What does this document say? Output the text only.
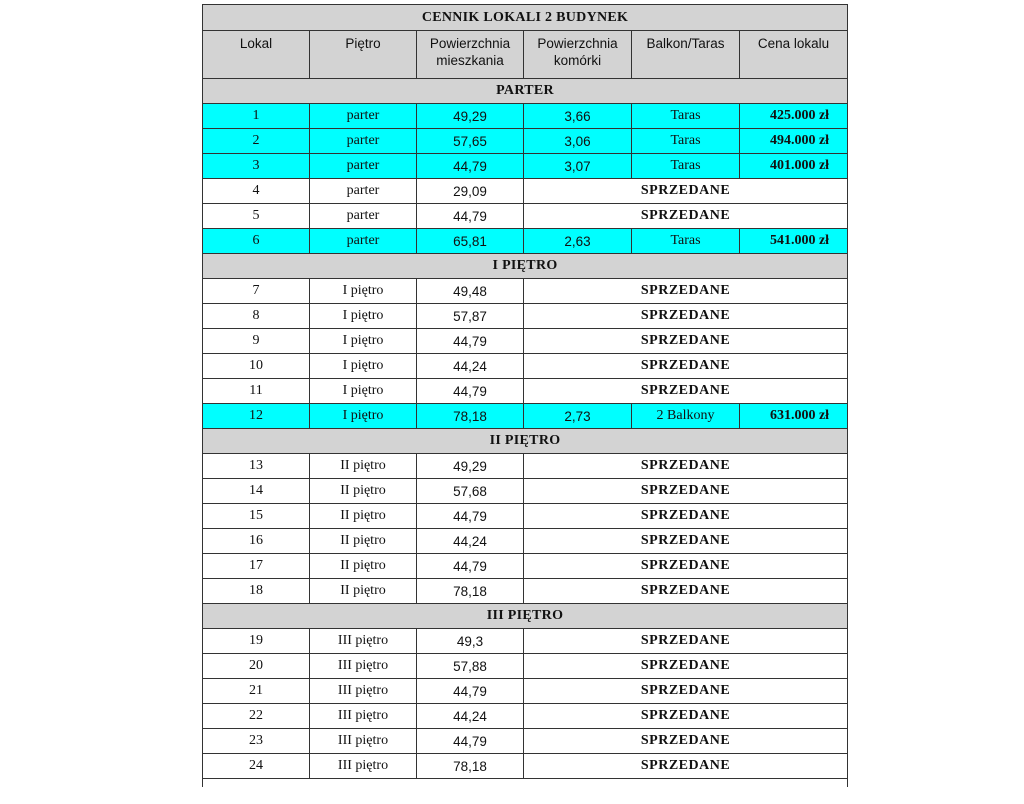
CENNIK LOKALI 2 BUDYNEK					
Lokal	Piętro	Powierzchnia mieszkania	Powierzchnia komórki	Balkon/Taras	Cena lokalu
PARTER					
1	parter	49,29	3,66	Taras	425.000 zł
2	parter	57,65	3,06	Taras	494.000 zł
3	parter	44,79	3,07	Taras	401.000 zł
4	parter	29,09	SPRZEDANE		
5	parter	44,79	SPRZEDANE		
6	parter	65,81	2,63	Taras	541.000 zł
I PIĘTRO					
7	I piętro	49,48	SPRZEDANE		
8	I piętro	57,87	SPRZEDANE		
9	I piętro	44,79	SPRZEDANE		
10	I piętro	44,24	SPRZEDANE		
11	I piętro	44,79	SPRZEDANE		
12	I piętro	78,18	2,73	2 Balkony	631.000 zł
II PIĘTRO					
13	II piętro	49,29	SPRZEDANE		
14	II piętro	57,68	SPRZEDANE		
15	II piętro	44,79	SPRZEDANE		
16	II piętro	44,24	SPRZEDANE		
17	II piętro	44,79	SPRZEDANE		
18	II piętro	78,18	SPRZEDANE		
III PIĘTRO					
19	III piętro	49,3	SPRZEDANE		
20	III piętro	57,88	SPRZEDANE		
21	III piętro	44,79	SPRZEDANE		
22	III piętro	44,24	SPRZEDANE		
23	III piętro	44,79	SPRZEDANE		
24	III piętro	78,18	SPRZEDANE		
